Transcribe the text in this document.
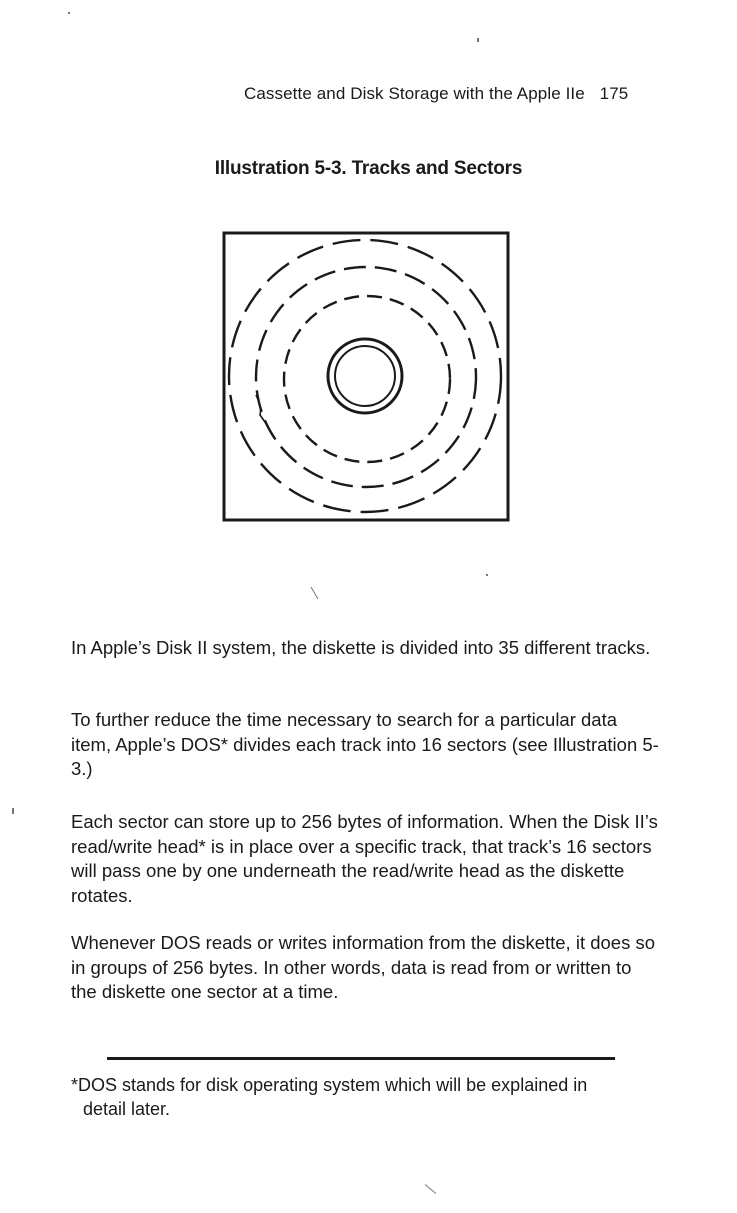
Cassette and Disk Storage with the Apple IIe 175
Illustration 5-3. Tracks and Sectors
In Apple’s Disk II system, the diskette is divided into 35 different tracks.
To further reduce the time necessary to search for a particular data item, Apple’s DOS* divides each track into 16 sectors (see Illustration 5-3.)
Each sector can store up to 256 bytes of information. When the Disk II’s read/write head* is in place over a specific track, that track’s 16 sectors will pass one by one underneath the read/write head as the diskette rotates.
Whenever DOS reads or writes information from the diskette, it does so in groups of 256 bytes. In other words, data is read from or written to the diskette one sector at a time.
*DOS stands for disk operating system which will be explained in
detail later.
